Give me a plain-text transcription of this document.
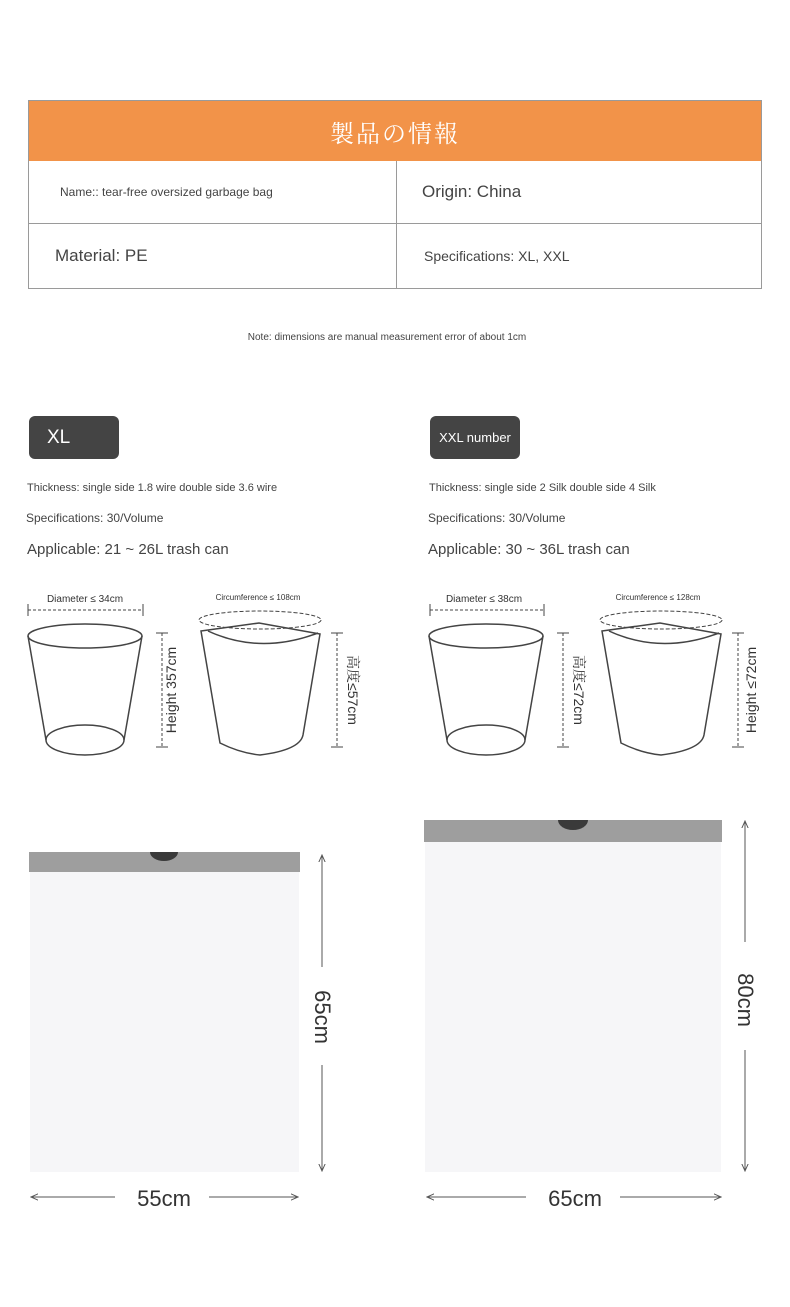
製品の情報
Name:: tear-free oversized garbage bag	Origin: China
Material: PE	Specifications: XL, XXL
Note: dimensions are manual measurement error of about 1cm
XL
Thickness: single side 1.8 wire double side 3.6 wire
Specifications: 30/Volume
Applicable: 21 ~ 26L trash can
XXL number
Thickness: single side 2 Silk double side 4 Silk
Specifications: 30/Volume
Applicable: 30 ~ 36L trash can
Diameter ≤ 34cm	Circumference ≤ 108cm
Height 357cm	高度≤57cm
Diameter ≤ 38cm	Circumference ≤ 128cm
高度≤72cm	Height ≤72cm
65cm
55cm
80cm
65cm
